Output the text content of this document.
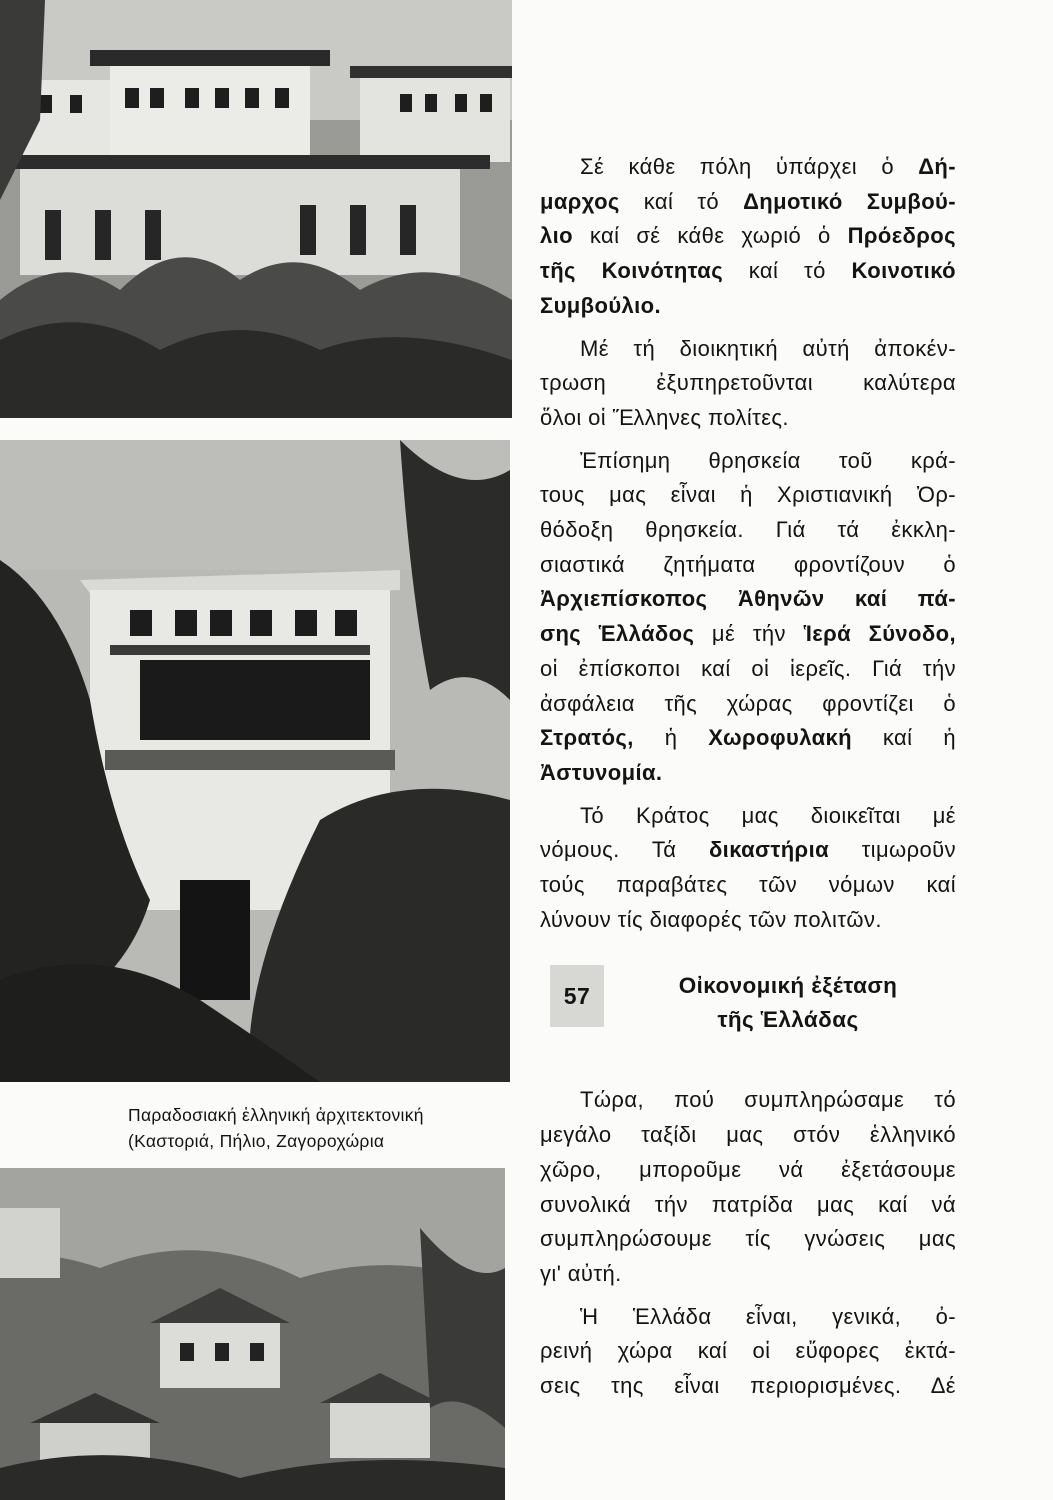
Παραδοσιακή ἑλληνική ἀρχιτεκτονική
(Καστοριά, Πήλιο, Ζαγοροχώρια

Σέ κάθε πόλη ὑπάρχει ὁ Δή-
μαρχος καί τό Δημοτικό Συμβού-
λιο καί σέ κάθε χωριό ὁ Πρόεδρος
τῆς Κοινότητας καί τό Κοινοτικό
Συμβούλιο.

Μέ τή διοικητική αὐτή ἀποκέν-
τρωση ἐξυπηρετοῦνται καλύτερα
ὅλοι οἱ Ἕλληνες πολίτες.

Ἐπίσημη θρησκεία τοῦ κρά-
τους μας εἶναι ἡ Χριστιανική Ὀρ-
θόδοξη θρησκεία. Γιά τά ἐκκλη-
σιαστικά ζητήματα φροντίζουν ὁ
Ἀρχιεπίσκοπος Ἀθηνῶν καί πά-
σης Ἑλλάδος μέ τήν Ἱερά Σύνοδο,
οἱ ἐπίσκοποι καί οἱ ἱερεῖς. Γιά τήν
ἀσφάλεια τῆς χώρας φροντίζει ὁ
Στρατός, ἡ Χωροφυλακή καί ἡ
Ἀστυνομία.

Τό Κράτος μας διοικεῖται μέ
νόμους. Τά δικαστήρια τιμωροῦν
τούς παραβάτες τῶν νόμων καί
λύνουν τίς διαφορές τῶν πολιτῶν.

57	Οἰκονομική ἐξέταση
τῆς Ἑλλάδας

Τώρα, πού συμπληρώσαμε τό
μεγάλο ταξίδι μας στόν ἑλληνικό
χῶρο, μποροῦμε νά ἐξετάσουμε
συνολικά τήν πατρίδα μας καί νά
συμπληρώσουμε τίς γνώσεις μας
γι' αὐτή.

Ἡ Ἑλλάδα εἶναι, γενικά, ὀ-
ρεινή χώρα καί οἱ εὔφορες ἐκτά-
σεις της εἶναι περιορισμένες. Δέ
